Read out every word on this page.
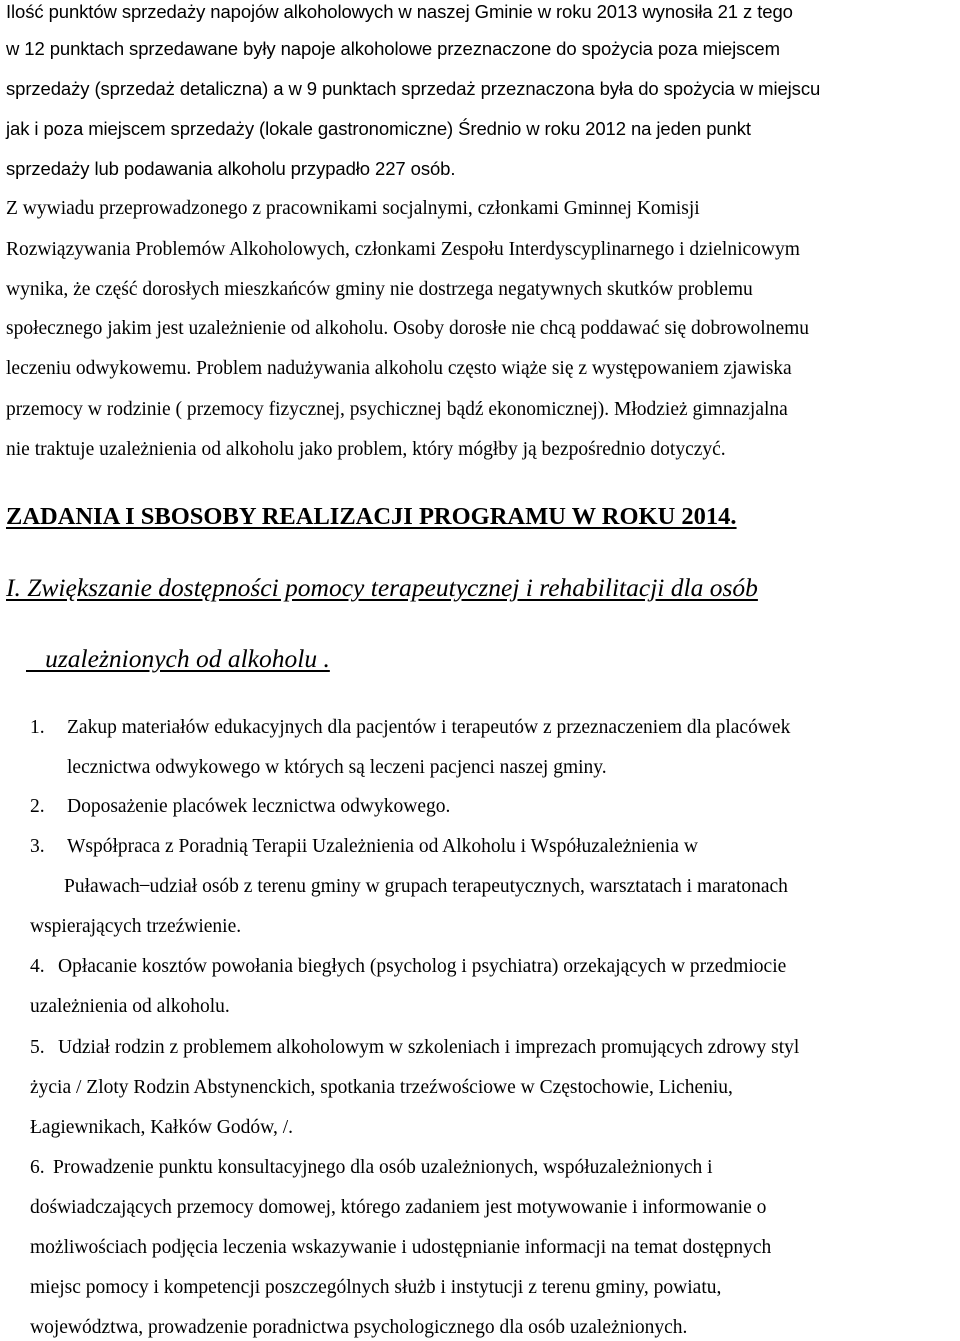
Ilość punktów sprzedaży napojów alkoholowych w naszej Gminie w roku 2013 wynosiła 21 z tego
w 12 punktach sprzedawane były napoje alkoholowe przeznaczone do spożycia poza miejscem
sprzedaży (sprzedaż detaliczna) a w 9 punktach sprzedaż przeznaczona była do spożycia w miejscu
jak i poza miejscem sprzedaży (lokale gastronomiczne) Średnio w roku 2012 na jeden punkt
sprzedaży lub podawania alkoholu przypadło 227 osób.
Z wywiadu przeprowadzonego z pracownikami socjalnymi, członkami Gminnej Komisji
Rozwiązywania Problemów Alkoholowych, członkami Zespołu Interdyscyplinarnego i dzielnicowym
wynika, że część dorosłych mieszkańców gminy nie dostrzega negatywnych skutków problemu
społecznego jakim jest uzależnienie od alkoholu. Osoby dorosłe nie chcą poddawać się dobrowolnemu
leczeniu odwykowemu. Problem nadużywania alkoholu często wiąże się z występowaniem zjawiska
przemocy w rodzinie ( przemocy fizycznej, psychicznej bądź ekonomicznej). Młodzież gimnazjalna
nie traktuje uzależnienia od alkoholu jako problem, który mógłby ją bezpośrednio dotyczyć.
ZADANIA I SBOSOBY REALIZACJI PROGRAMU W ROKU 2014.
I. Zwiększanie dostępności pomocy terapeutycznej i rehabilitacji dla osób
uzależnionych od alkoholu .
1. Zakup materiałów edukacyjnych dla pacjentów i terapeutów z przeznaczeniem dla placówek
lecznictwa odwykowego w których są leczeni pacjenci naszej gminy.
2. Doposażenie placówek lecznictwa odwykowego.
3. Współpraca z Poradnią Terapii Uzależnienia od Alkoholu i Współuzależnienia w
Puławach ̶ udział osób z terenu gminy w grupach terapeutycznych, warsztatach i maratonach
wspierających trzeźwienie.
4. Opłacanie kosztów powołania biegłych (psycholog i psychiatra) orzekających w przedmiocie
uzależnienia od alkoholu.
5. Udział rodzin z problemem alkoholowym w szkoleniach i imprezach promujących zdrowy styl
życia / Zloty Rodzin Abstynenckich, spotkania trzeźwościowe w Częstochowie, Licheniu,
Łagiewnikach, Kałków Godów, /.
6. Prowadzenie punktu konsultacyjnego dla osób uzależnionych, współuzależnionych i
doświadczających przemocy domowej, którego zadaniem jest motywowanie i informowanie o
możliwościach podjęcia leczenia wskazywanie i udostępnianie informacji na temat dostępnych
miejsc pomocy i kompetencji poszczególnych służb i instytucji z terenu gminy, powiatu,
województwa, prowadzenie poradnictwa psychologicznego dla osób uzależnionych.
